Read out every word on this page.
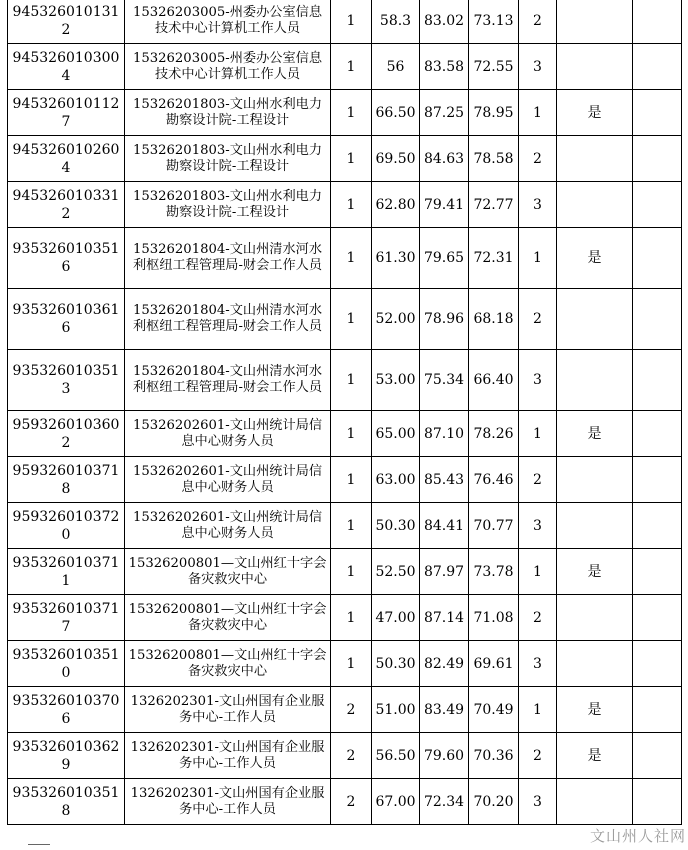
9453260101312	15326203005-州委办公室信息技术中心计算机工作人员	1	58.3	83.02	73.13	2		
9453260103004	15326203005-州委办公室信息技术中心计算机工作人员	1	56	83.58	72.55	3		
9453260101127	15326201803-文山州水利电力勘察设计院-工程设计	1	66.50	87.25	78.95	1	是	
9453260102604	15326201803-文山州水利电力勘察设计院-工程设计	1	69.50	84.63	78.58	2		
9453260103312	15326201803-文山州水利电力勘察设计院-工程设计	1	62.80	79.41	72.77	3		
9353260103516	15326201804-文山州清水河水利枢纽工程管理局-财会工作人员	1	61.30	79.65	72.31	1	是	
9353260103616	15326201804-文山州清水河水利枢纽工程管理局-财会工作人员	1	52.00	78.96	68.18	2		
9353260103513	15326201804-文山州清水河水利枢纽工程管理局-财会工作人员	1	53.00	75.34	66.40	3		
9593260103602	15326202601-文山州统计局信息中心财务人员	1	65.00	87.10	78.26	1	是	
9593260103718	15326202601-文山州统计局信息中心财务人员	1	63.00	85.43	76.46	2		
9593260103720	15326202601-文山州统计局信息中心财务人员	1	50.30	84.41	70.77	3		
9353260103711	15326200801—文山州红十字会备灾救灾中心	1	52.50	87.97	73.78	1	是	
9353260103717	15326200801—文山州红十字会备灾救灾中心	1	47.00	87.14	71.08	2		
9353260103510	15326200801—文山州红十字会备灾救灾中心	1	50.30	82.49	69.61	3		
9353260103706	1326202301-文山州国有企业服务中心-工作人员	2	51.00	83.49	70.49	1	是	
9353260103629	1326202301-文山州国有企业服务中心-工作人员	2	56.50	79.60	70.36	2	是	
9353260103518	1326202301-文山州国有企业服务中心-工作人员	2	67.00	72.34	70.20	3		
文山州人社网
